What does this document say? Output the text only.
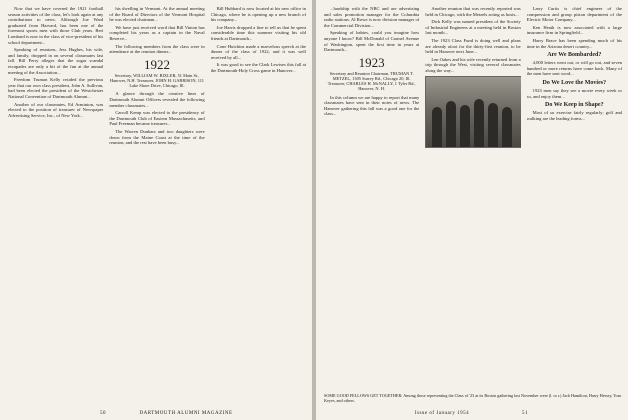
Now that we have covered the 1921 football season activities of the class, let's look again at any contributions to news. Although Joe Ward graduated from Harvard, has been one of the foremost sports men with those Club years. Bert Lombard is now in the class of vice-president of his school department...

Speaking of reunions, Jess Hughes, his wife, and family, dropped in on several classmates last fall. Bill Perry alleges that the sugar scandal escapades are only a bit of the fun at the annual meeting of the Association...

Freedom Truman Kelly resided the previous year that our own class president, John A. Sullivan, had been elected the president of the Westchester National Convention of Dartmouth Alumni...

Another of our classmates, Ed Arminton, was elected to the position of treasurer of Newspaper Advertising Service, Inc., of New York...

his dwelling in Vermont. At the annual meeting of the Board of Directors of the Vermont Hospital he was elected chairman...

We have just received word that Bill Vinton has completed his years as a captain in the Naval Reserve...

The following members from the class were in attendance at the reunion dinner...

1922
Secretary, WILLIAM W. BIXLER, 51 Main St., Hanover, N.H. Treasurer, JOHN H. GARRISON, 111 Lake Shore Drive, Chicago, Ill.

A glance through the creative lines of Dartmouth Alumni Officers revealed the following member classmates...

Carroll Kemp was elected to the presidency of the Dartmouth Club of Eastern Massachusetts, and Paul Freeman became treasurer...

The Warren Dunbars and two daughters were down from the Maine Coast at the time of the reunion, and the rest have been busy...

Bill Hubbard is now located at his new office in Chicago, where he is opening up a new branch of his company...

Joe Harris dropped a line to tell us that he spent considerable time this summer visiting his old friends at Dartmouth...

Cone Hutchins made a marvelous speech at the dinner of the class of 1922, and it was well received by all...

It was good to see the Clark Lewises this fall at the Dartmouth-Holy Cross game in Hanover...

50	DARTMOUTH ALUMNI MAGAZINE

...hardship with the NBC and are advertising and sales promotion manager for the Columbia radio stations. Al Rowe is now division manager of the Commercial Division...

Speaking of babies, could you imagine how anyone I know? Bill McDonald of Carmel Avenue of Washington, spent the first time in years at Dartmouth...

1923
Secretary and Reunion Chairman, TRUMAN T. METZEL, 1305 Surrey Rd., Chicago 20, Ill. Treasurer, CHARLES H. McNALLY, 1 Tyler Rd., Hanover, N. H.

In this column we are happy to report that many classmates have sent in their notes of news. The Hanover gathering this fall was a good one for the class...

Another reunion that was recently reported was held in Chicago, with the Metzels acting as hosts...

Dick Kelly was named president of the Society of Industrial Engineers at a meeting held in Boston last month...

The 1923 Class Fund is doing well and plans are already afoot for the thirty-first reunion, to be held in Hanover next June...

Len Oakes and his wife recently returned from a trip through the West, visiting several classmates along the way...

Larry Curtis is chief engineer of the compression and group piston department of the Electric Motor Company...

Ken Heath is now associated with a large insurance firm in Springfield...

Harry Brace has been spending much of his time in the Arizona desert country...

Are We Bombarded?

4,000 letters went out, or will go out, and seven hundred or more returns have come back. Many of the men have sent word...

Do We Love the Movies?

1923 men say they see a movie every week or so, and enjoy them...

Do We Keep in Shape?

Most of us exercise fairly regularly; golf and walking are the leading forms...

SOME GOOD FELLOWS GET TOGETHER: Among those representing the Class of '23 at its Boston gathering last November were (l. to r.) Jack Hamilton, Harry Hersey, Tom Keyes, and others.
Issue of January 1954	51
